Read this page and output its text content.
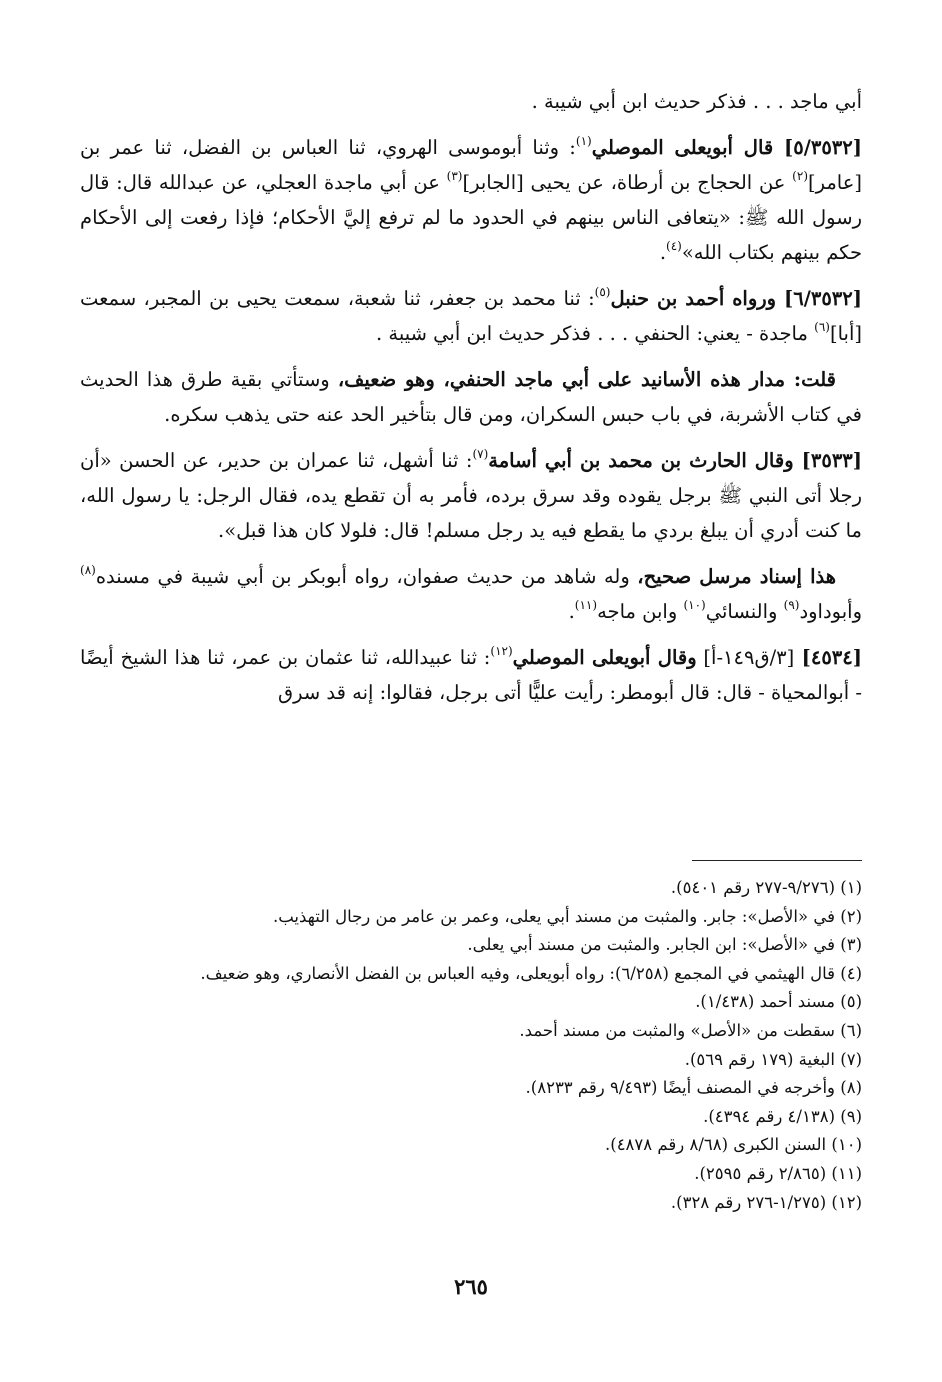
أبي ماجد . . . فذكر حديث ابن أبي شيبة .

[٥/٣٥٣٢] قال أبويعلى الموصلي$^{(١)}$: وثنا أبوموسى الهروي، ثنا العباس بن الفضل، ثنا عمر بن [عامر]$^{(٢)}$ عن الحجاج بن أرطاة، عن يحيى [الجابر]$^{(٣)}$ عن أبي ماجدة العجلي، عن عبدالله قال: قال رسول الله ﷺ: «يتعافى الناس بينهم في الحدود ما لم ترفع إليَّ الأحكام؛ فإذا رفعت إلى الأحكام حكم بينهم بكتاب الله»$^{(٤)}$.

[٦/٣٥٣٢] ورواه أحمد بن حنبل$^{(٥)}$: ثنا محمد بن جعفر، ثنا شعبة، سمعت يحيى بن المجبر، سمعت [أبا]$^{(٦)}$ ماجدة - يعني: الحنفي . . . فذكر حديث ابن أبي شيبة .

قلت: مدار هذه الأسانيد على أبي ماجد الحنفي، وهو ضعيف، وستأتي بقية طرق هذا الحديث في كتاب الأشربة، في باب حبس السكران، ومن قال بتأخير الحد عنه حتى يذهب سكره.

[٣٥٣٣] وقال الحارث بن محمد بن أبي أسامة$^{(٧)}$: ثنا أشهل، ثنا عمران بن حدير، عن الحسن «أن رجلا أتى النبي ﷺ برجل يقوده وقد سرق برده، فأمر به أن تقطع يده، فقال الرجل: يا رسول الله، ما كنت أدري أن يبلغ بردي ما يقطع فيه يد رجل مسلم! قال: فلولا كان هذا قبل».

هذا إسناد مرسل صحيح، وله شاهد من حديث صفوان، رواه أبوبكر بن أبي شيبة في مسنده$^{(٨)}$ وأبوداود$^{(٩)}$ والنسائي$^{(١٠)}$ وابن ماجه$^{(١١)}$.

[٤٥٣٤] [٣/ق١٤٩-أ] وقال أبويعلى الموصلي$^{(١٢)}$: ثنا عبيدالله، ثنا عثمان بن عمر، ثنا هذا الشيخ أيضًا - أبوالمحياة - قال: قال أبومطر: رأيت عليًّا أتى برجل، فقالوا: إنه قد سرق

(١) (٩/٢٧٦-٢٧٧ رقم ٥٤٠١).

(٢) في «الأصل»: جابر. والمثبت من مسند أبي يعلى، وعمر بن عامر من رجال التهذيب.

(٣) في «الأصل»: ابن الجابر. والمثبت من مسند أبي يعلى.

(٤) قال الهيثمي في المجمع (٦/٢٥٨): رواه أبويعلى، وفيه العباس بن الفضل الأنصاري، وهو ضعيف.

(٥) مسند أحمد (١/٤٣٨).

(٦) سقطت من «الأصل» والمثبت من مسند أحمد.

(٧) البغية (١٧٩ رقم ٥٦٩).

(٨) وأخرجه في المصنف أيضًا (٩/٤٩٣ رقم ٨٢٣٣).

(٩) (٤/١٣٨ رقم ٤٣٩٤).

(١٠) السنن الكبرى (٨/٦٨ رقم ٤٨٧٨).

(١١) (٢/٨٦٥ رقم ٢٥٩٥).

(١٢) (١/٢٧٥-٢٧٦ رقم ٣٢٨).

٢٦٥
